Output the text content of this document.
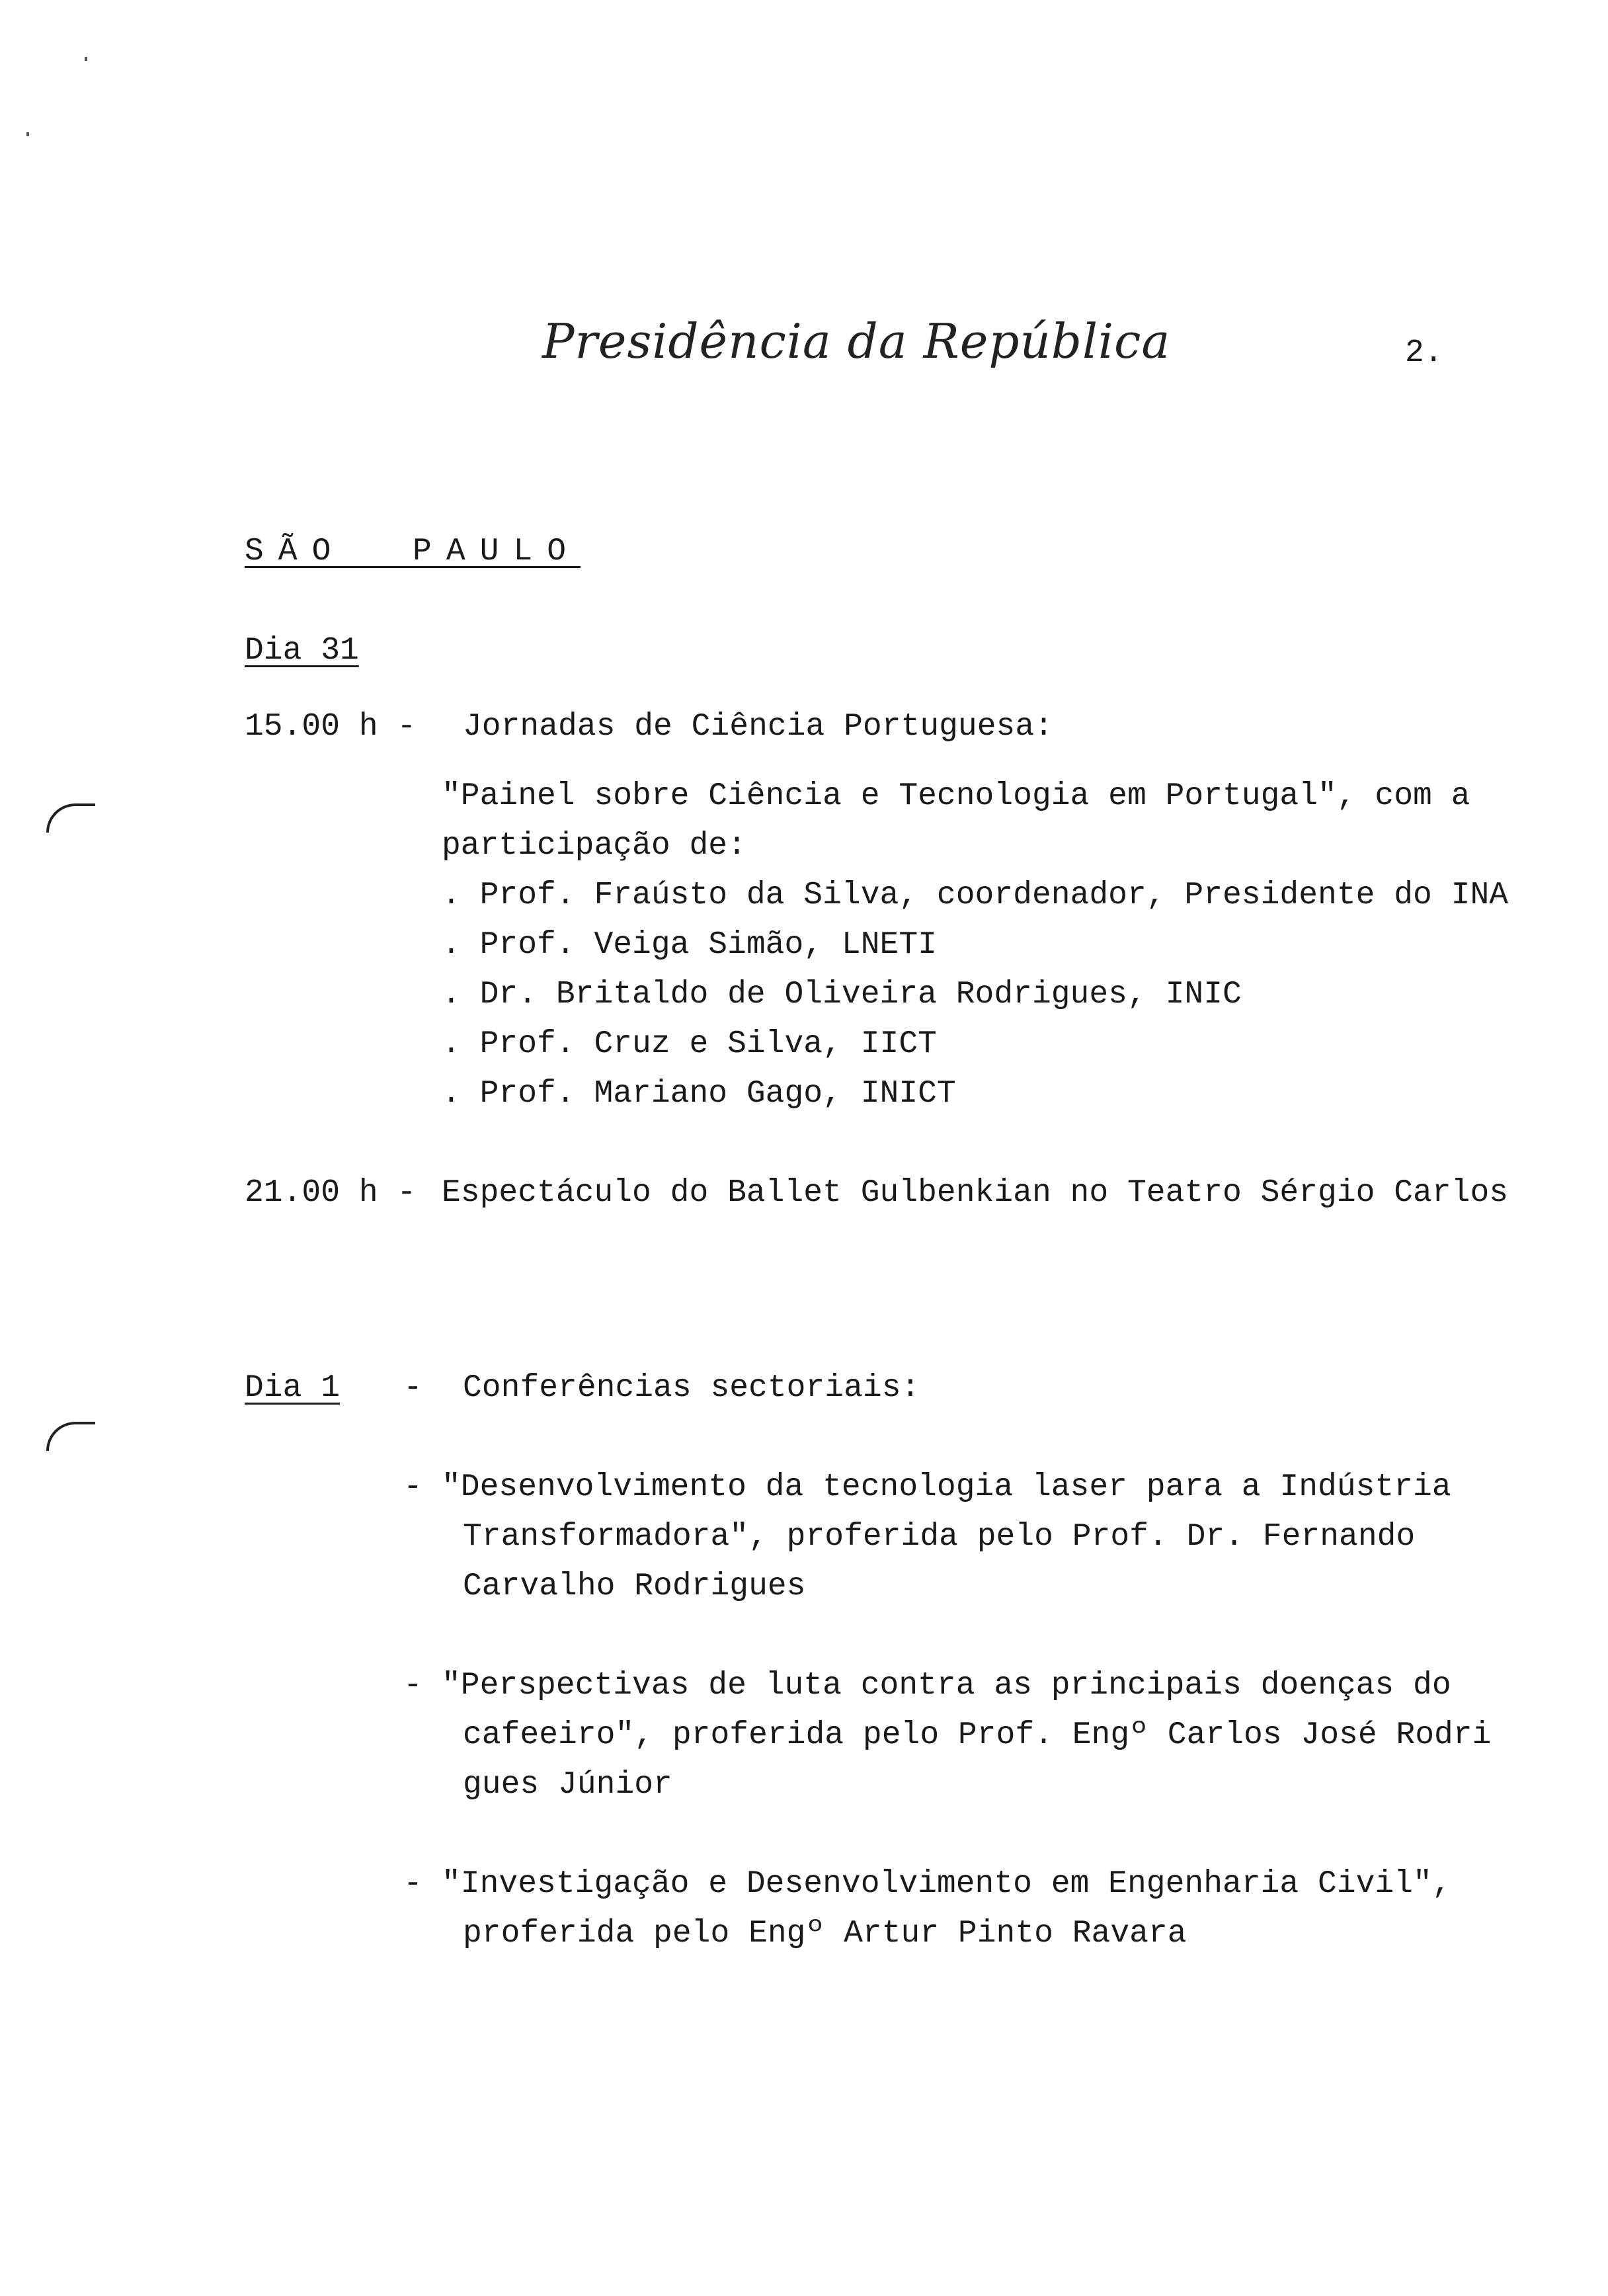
Presidência da República	2.
SÃO  PAULO
Dia 31
15.00 h - Jornadas de Ciência Portuguesa:
"Painel sobre Ciência e Tecnologia em Portugal", com a
participação de:
. Prof. Fraústo da Silva, coordenador, Presidente do INA
. Prof. Veiga Simão, LNETI
. Dr. Britaldo de Oliveira Rodrigues, INIC
. Prof. Cruz e Silva, IICT
. Prof. Mariano Gago, INICT
21.00 h - Espectáculo do Ballet Gulbenkian no Teatro Sérgio Carlos
Dia 1 - Conferências sectoriais:
- "Desenvolvimento da tecnologia laser para a Indústria
Transformadora", proferida pelo Prof. Dr. Fernando
Carvalho Rodrigues
- "Perspectivas de luta contra as principais doenças do
cafeeiro", proferida pelo Prof. Engº Carlos José Rodri
gues Júnior
- "Investigação e Desenvolvimento em Engenharia Civil",
proferida pelo Engº Artur Pinto Ravara
